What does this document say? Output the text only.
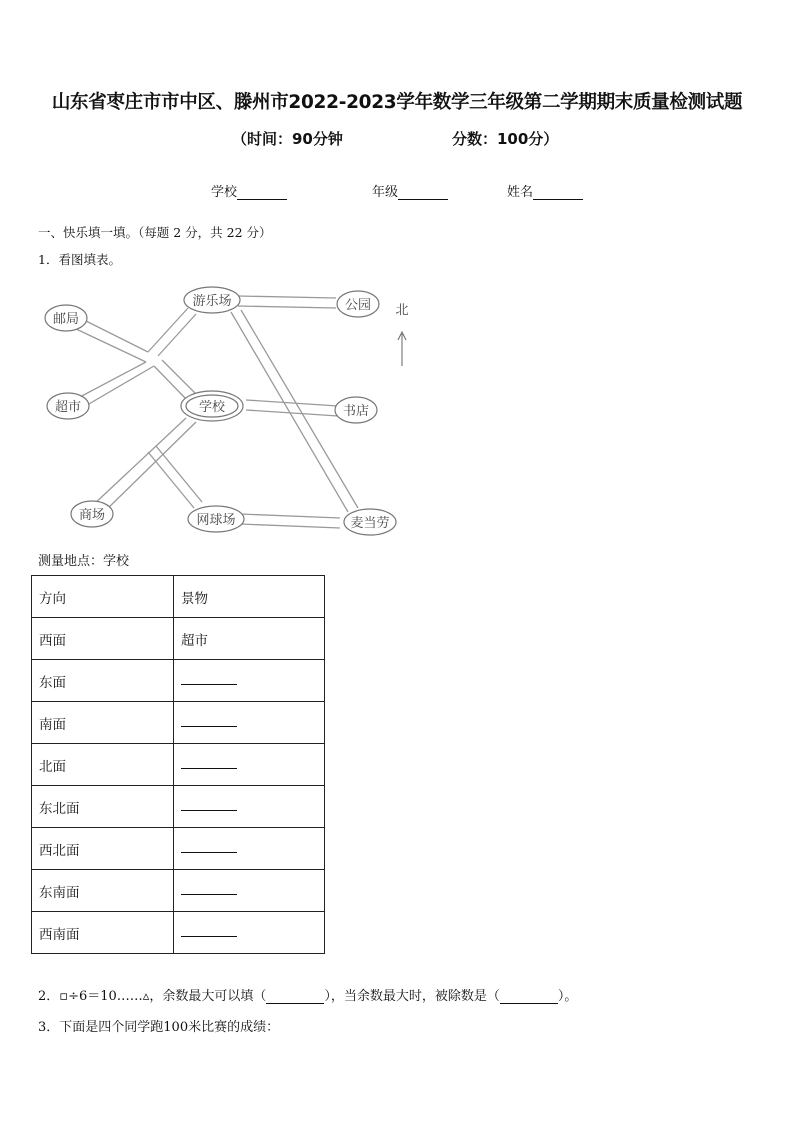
山东省枣庄市市中区、滕州市2022-2023学年数学三年级第二学期期末质量检测试题
（时间：90分钟	分数：100分）
学校	年级	姓名
一、快乐填一填。（每题 2 分，共 22 分）
1．看图填表。
邮局
游乐场	公园
超市	学校	书店
商场	网球场	麦当劳
北
测量地点：学校
方向	景物
西面	超市
东面	
南面	
北面	
东北面	
西北面	
东南面	
西南面	
2．▫÷6＝10……▵，余数最大可以填（	），当余数最大时，被除数是（	）。
3．下面是四个同学跑100米比赛的成绩：
